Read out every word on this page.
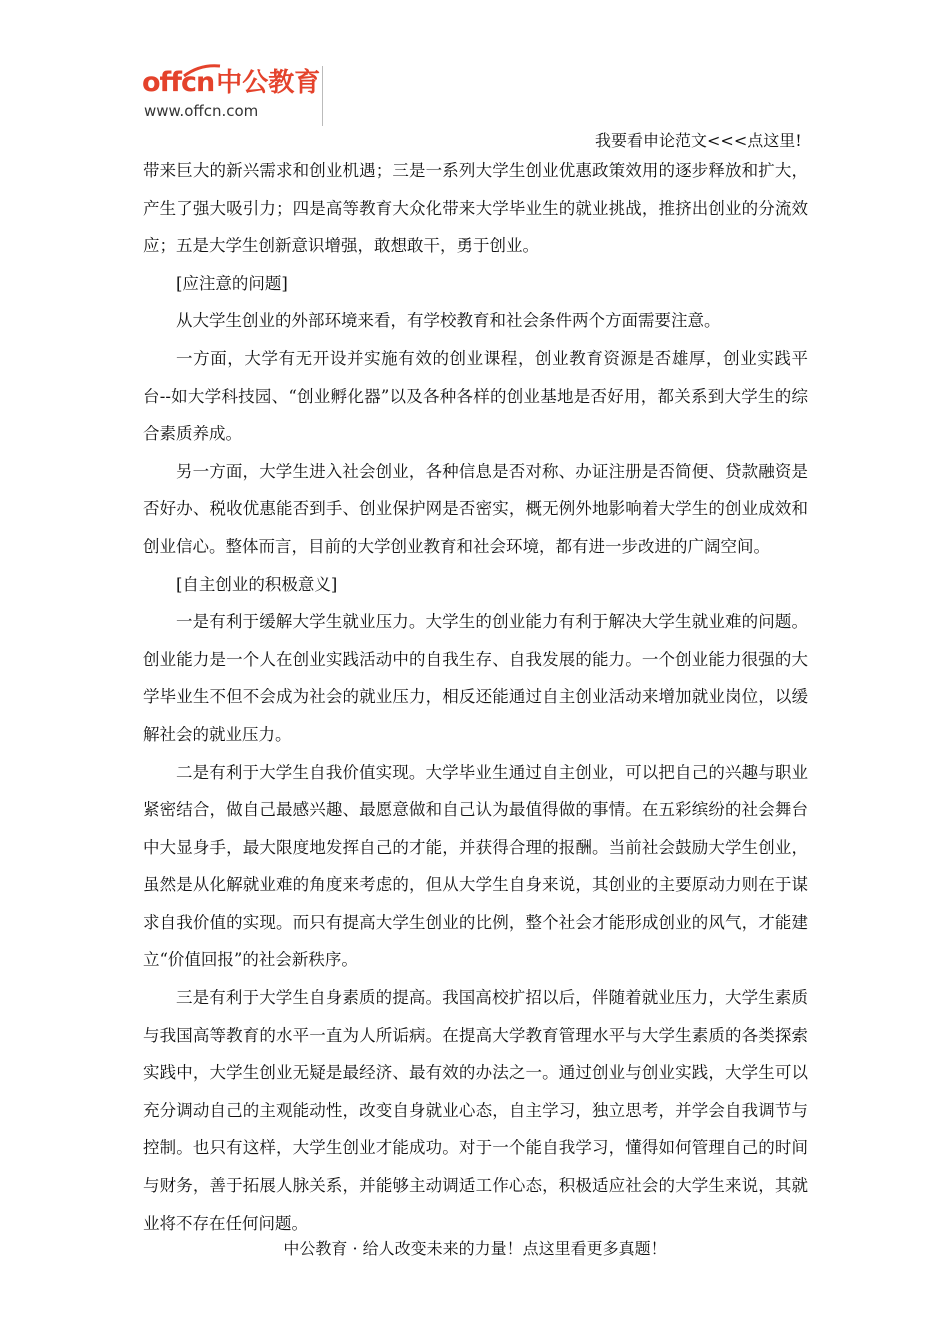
offcn中公教育
www.offcn.com
我要看申论范文<<<点这里!

带来巨大的新兴需求和创业机遇；三是一系列大学生创业优惠政策效用的逐步释放和扩大，产生了强大吸引力；四是高等教育大众化带来大学毕业生的就业挑战，推挤出创业的分流效应；五是大学生创新意识增强，敢想敢干，勇于创业。

[应注意的问题]

从大学生创业的外部环境来看，有学校教育和社会条件两个方面需要注意。

一方面，大学有无开设并实施有效的创业课程，创业教育资源是否雄厚，创业实践平台--如大学科技园、“创业孵化器”以及各种各样的创业基地是否好用，都关系到大学生的综合素质养成。

另一方面，大学生进入社会创业，各种信息是否对称、办证注册是否简便、贷款融资是否好办、税收优惠能否到手、创业保护网是否密实，概无例外地影响着大学生的创业成效和创业信心。整体而言，目前的大学创业教育和社会环境，都有进一步改进的广阔空间。

[自主创业的积极意义]

一是有利于缓解大学生就业压力。大学生的创业能力有利于解决大学生就业难的问题。创业能力是一个人在创业实践活动中的自我生存、自我发展的能力。一个创业能力很强的大学毕业生不但不会成为社会的就业压力，相反还能通过自主创业活动来增加就业岗位，以缓解社会的就业压力。

二是有利于大学生自我价值实现。大学毕业生通过自主创业，可以把自己的兴趣与职业紧密结合，做自己最感兴趣、最愿意做和自己认为最值得做的事情。在五彩缤纷的社会舞台中大显身手，最大限度地发挥自己的才能，并获得合理的报酬。当前社会鼓励大学生创业，虽然是从化解就业难的角度来考虑的，但从大学生自身来说，其创业的主要原动力则在于谋求自我价值的实现。而只有提高大学生创业的比例，整个社会才能形成创业的风气，才能建立“价值回报”的社会新秩序。

三是有利于大学生自身素质的提高。我国高校扩招以后，伴随着就业压力，大学生素质与我国高等教育的水平一直为人所诟病。在提高大学教育管理水平与大学生素质的各类探索实践中，大学生创业无疑是最经济、最有效的办法之一。通过创业与创业实践，大学生可以充分调动自己的主观能动性，改变自身就业心态，自主学习，独立思考，并学会自我调节与控制。也只有这样，大学生创业才能成功。对于一个能自我学习，懂得如何管理自己的时间与财务，善于拓展人脉关系，并能够主动调适工作心态，积极适应社会的大学生来说，其就业将不存在任何问题。

中公教育 · 给人改变未来的力量！点这里看更多真题！
